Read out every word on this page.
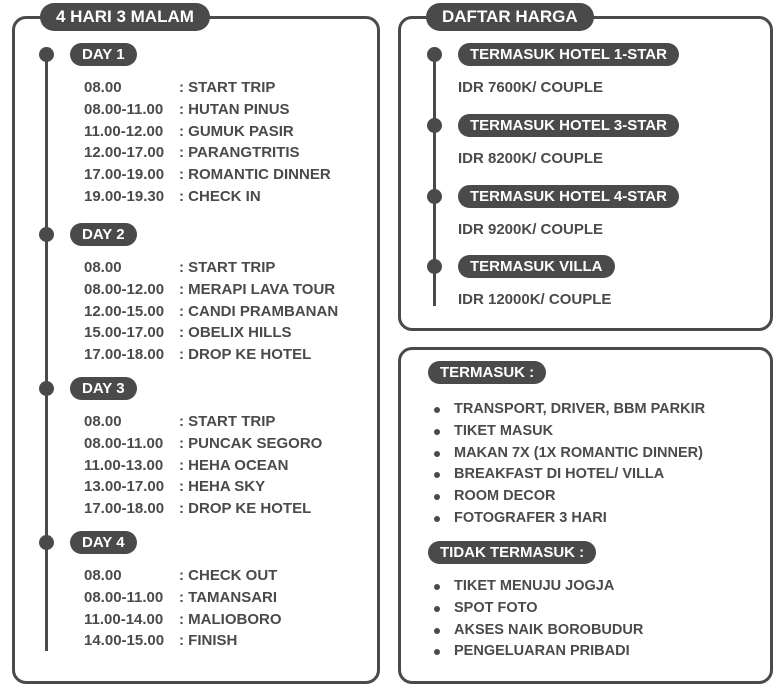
4 HARI 3 MALAM
DAY 1
08.00	: START TRIP
08.00-11.00	: HUTAN PINUS
11.00-12.00	: GUMUK PASIR
12.00-17.00 : PARANGTRITIS
17.00-19.00 : ROMANTIC DINNER
19.00-19.30 : CHECK IN
DAY 2
08.00	: START TRIP
08.00-12.00 : MERAPI LAVA TOUR
12.00-15.00 : CANDI PRAMBANAN
15.00-17.00 : OBELIX HILLS
17.00-18.00 : DROP KE HOTEL
DAY 3
08.00	: START TRIP
08.00-11.00	: PUNCAK SEGORO
11.00-13.00	: HEHA OCEAN
13.00-17.00 : HEHA SKY
17.00-18.00 : DROP KE HOTEL
DAY 4
08.00	: CHECK OUT
08.00-11.00	: TAMANSARI
11.00-14.00	: MALIOBORO
14.00-15.00 : FINISH
DAFTAR HARGA
TERMASUK HOTEL 1-STAR
IDR 7600K/ COUPLE
TERMASUK HOTEL 3-STAR
IDR 8200K/ COUPLE
TERMASUK HOTEL 4-STAR
IDR 9200K/ COUPLE
TERMASUK VILLA
IDR 12000K/ COUPLE
TERMASUK :
TRANSPORT, DRIVER, BBM PARKIR
TIKET MASUK
MAKAN 7X (1X ROMANTIC DINNER)
BREAKFAST DI HOTEL/ VILLA
ROOM DECOR
FOTOGRAFER 3 HARI
TIDAK TERMASUK :
TIKET MENUJU JOGJA
SPOT FOTO
AKSES NAIK BOROBUDUR
PENGELUARAN PRIBADI
